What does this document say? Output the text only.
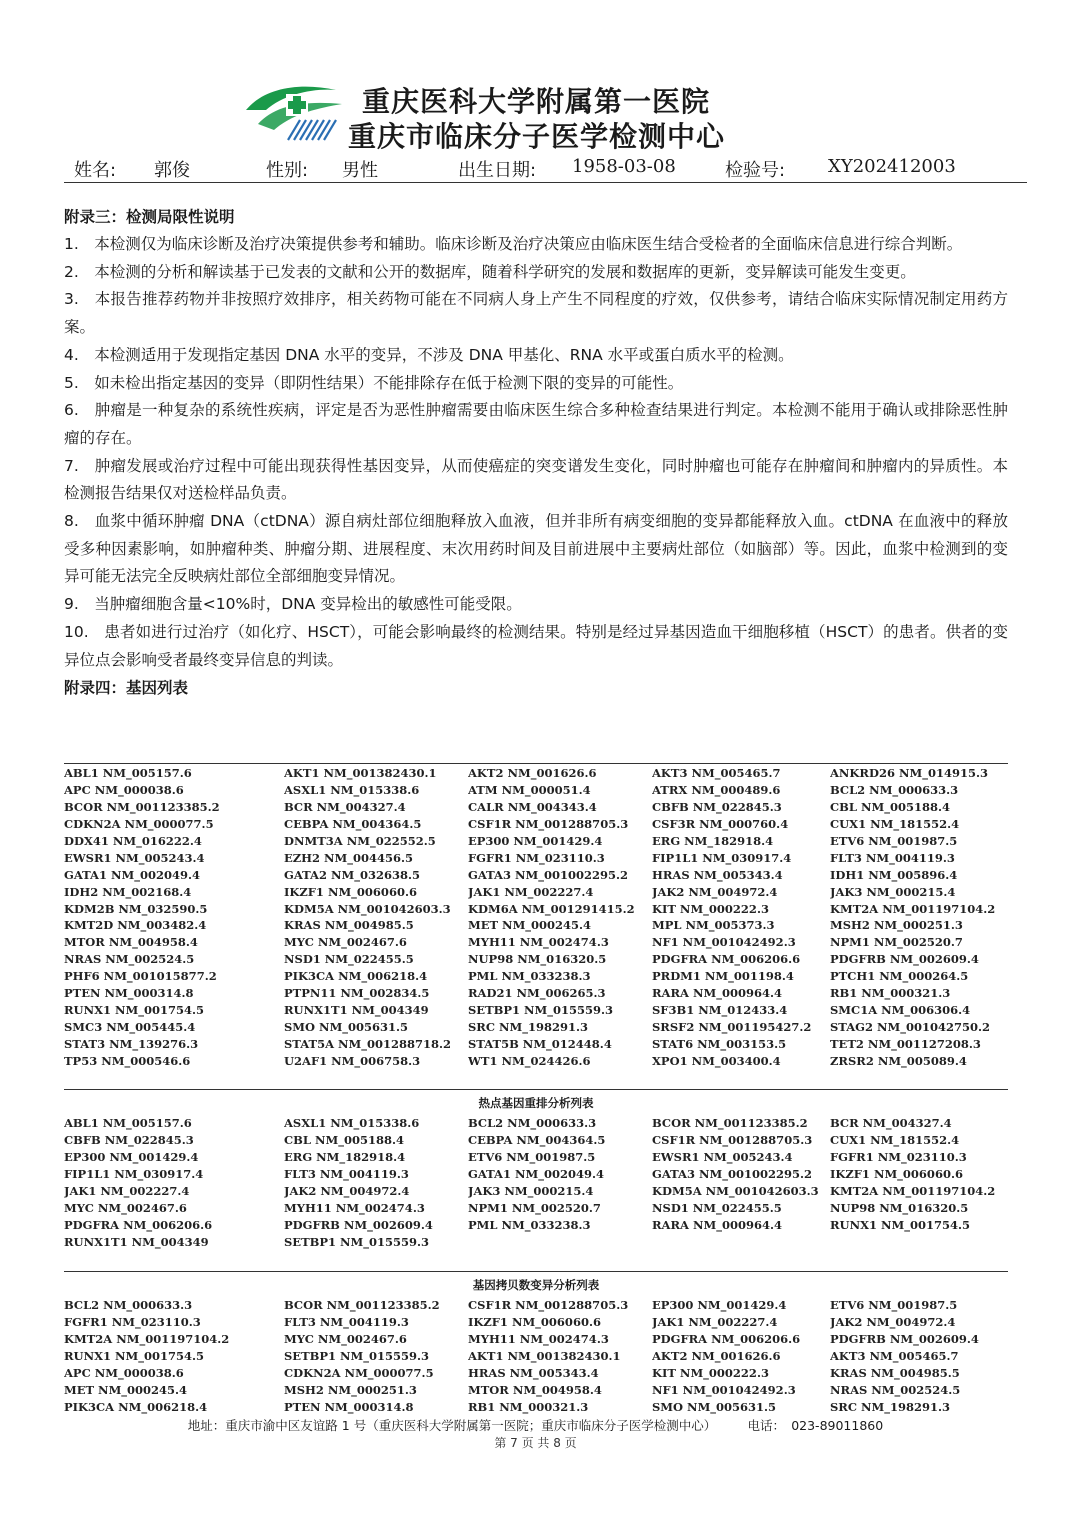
重庆医科大学附属第一医院
重庆市临床分子医学检测中心
姓名: 郭俊	性别: 男性	出生日期: 1958-03-08	检验号: XY202412003
附录三：检测局限性说明

1.　本检测仅为临床诊断及治疗决策提供参考和辅助。临床诊断及治疗决策应由临床医生结合受检者的全面临床信息进行综合判断。

2.　本检测的分析和解读基于已发表的文献和公开的数据库，随着科学研究的发展和数据库的更新，变异解读可能发生变更。

3.　本报告推荐药物并非按照疗效排序，相关药物可能在不同病人身上产生不同程度的疗效，仅供参考，请结合临床实际情况制定用药方案。

4.　本检测适用于发现指定基因 DNA 水平的变异，不涉及 DNA 甲基化、RNA 水平或蛋白质水平的检测。

5.　如未检出指定基因的变异（即阴性结果）不能排除存在低于检测下限的变异的可能性。

6.　肿瘤是一种复杂的系统性疾病，评定是否为恶性肿瘤需要由临床医生综合多种检查结果进行判定。本检测不能用于确认或排除恶性肿瘤的存在。

7.　肿瘤发展或治疗过程中可能出现获得性基因变异，从而使癌症的突变谱发生变化，同时肿瘤也可能存在肿瘤间和肿瘤内的异质性。本检测报告结果仅对送检样品负责。

8.　血浆中循环肿瘤 DNA（ctDNA）源自病灶部位细胞释放入血液，但并非所有病变细胞的变异都能释放入血。ctDNA 在血液中的释放受多种因素影响，如肿瘤种类、肿瘤分期、进展程度、末次用药时间及目前进展中主要病灶部位（如脑部）等。因此，血浆中检测到的变异可能无法完全反映病灶部位全部细胞变异情况。

9.　当肿瘤细胞含量<10%时，DNA 变异检出的敏感性可能受限。

10.　患者如进行过治疗（如化疗、HSCT），可能会影响最终的检测结果。特别是经过异基因造血干细胞移植（HSCT）的患者。供者的变异位点会影响受者最终变异信息的判读。

附录四：基因列表
ABL1 NM_005157.6	AKT1 NM_001382430.1	AKT2 NM_001626.6	AKT3 NM_005465.7	ANKRD26 NM_014915.3
APC NM_000038.6	ASXL1 NM_015338.6	ATM NM_000051.4	ATRX NM_000489.6	BCL2 NM_000633.3
BCOR NM_001123385.2	BCR NM_004327.4	CALR NM_004343.4	CBFB NM_022845.3	CBL NM_005188.4
CDKN2A NM_000077.5	CEBPA NM_004364.5	CSF1R NM_001288705.3	CSF3R NM_000760.4	CUX1 NM_181552.4
DDX41 NM_016222.4	DNMT3A NM_022552.5	EP300 NM_001429.4	ERG NM_182918.4	ETV6 NM_001987.5
EWSR1 NM_005243.4	EZH2 NM_004456.5	FGFR1 NM_023110.3	FIP1L1 NM_030917.4	FLT3 NM_004119.3
GATA1 NM_002049.4	GATA2 NM_032638.5	GATA3 NM_001002295.2	HRAS NM_005343.4	IDH1 NM_005896.4
IDH2 NM_002168.4	IKZF1 NM_006060.6	JAK1 NM_002227.4	JAK2 NM_004972.4	JAK3 NM_000215.4
KDM2B NM_032590.5	KDM5A NM_001042603.3	KDM6A NM_001291415.2	KIT NM_000222.3	KMT2A NM_001197104.2
KMT2D NM_003482.4	KRAS NM_004985.5	MET NM_000245.4	MPL NM_005373.3	MSH2 NM_000251.3
MTOR NM_004958.4	MYC NM_002467.6	MYH11 NM_002474.3	NF1 NM_001042492.3	NPM1 NM_002520.7
NRAS NM_002524.5	NSD1 NM_022455.5	NUP98 NM_016320.5	PDGFRA NM_006206.6	PDGFRB NM_002609.4
PHF6 NM_001015877.2	PIK3CA NM_006218.4	PML NM_033238.3	PRDM1 NM_001198.4	PTCH1 NM_000264.5
PTEN NM_000314.8	PTPN11 NM_002834.5	RAD21 NM_006265.3	RARA NM_000964.4	RB1 NM_000321.3
RUNX1 NM_001754.5	RUNX1T1 NM_004349	SETBP1 NM_015559.3	SF3B1 NM_012433.4	SMC1A NM_006306.4
SMC3 NM_005445.4	SMO NM_005631.5	SRC NM_198291.3	SRSF2 NM_001195427.2	STAG2 NM_001042750.2
STAT3 NM_139276.3	STAT5A NM_001288718.2	STAT5B NM_012448.4	STAT6 NM_003153.5	TET2 NM_001127208.3
TP53 NM_000546.6	U2AF1 NM_006758.3	WT1 NM_024426.6	XPO1 NM_003400.4	ZRSR2 NM_005089.4
热点基因重排分析列表
ABL1 NM_005157.6	ASXL1 NM_015338.6	BCL2 NM_000633.3	BCOR NM_001123385.2	BCR NM_004327.4
CBFB NM_022845.3	CBL NM_005188.4	CEBPA NM_004364.5	CSF1R NM_001288705.3	CUX1 NM_181552.4
EP300 NM_001429.4	ERG NM_182918.4	ETV6 NM_001987.5	EWSR1 NM_005243.4	FGFR1 NM_023110.3
FIP1L1 NM_030917.4	FLT3 NM_004119.3	GATA1 NM_002049.4	GATA3 NM_001002295.2	IKZF1 NM_006060.6
JAK1 NM_002227.4	JAK2 NM_004972.4	JAK3 NM_000215.4	KDM5A NM_001042603.3 KMT2A NM_001197104.2
MYC NM_002467.6	MYH11 NM_002474.3	NPM1 NM_002520.7	NSD1 NM_022455.5	NUP98 NM_016320.5
PDGFRA NM_006206.6	PDGFRB NM_002609.4	PML NM_033238.3	RARA NM_000964.4	RUNX1 NM_001754.5
RUNX1T1 NM_004349	SETBP1 NM_015559.3
基因拷贝数变异分析列表
BCL2 NM_000633.3	BCOR NM_001123385.2	CSF1R NM_001288705.3	EP300 NM_001429.4	ETV6 NM_001987.5
FGFR1 NM_023110.3	FLT3 NM_004119.3	IKZF1 NM_006060.6	JAK1 NM_002227.4	JAK2 NM_004972.4
KMT2A NM_001197104.2	MYC NM_002467.6	MYH11 NM_002474.3	PDGFRA NM_006206.6	PDGFRB NM_002609.4
RUNX1 NM_001754.5	SETBP1 NM_015559.3	AKT1 NM_001382430.1	AKT2 NM_001626.6	AKT3 NM_005465.7
APC NM_000038.6	CDKN2A NM_000077.5	HRAS NM_005343.4	KIT NM_000222.3	KRAS NM_004985.5
MET NM_000245.4	MSH2 NM_000251.3	MTOR NM_004958.4	NF1 NM_001042492.3	NRAS NM_002524.5
PIK3CA NM_006218.4	PTEN NM_000314.8	RB1 NM_000321.3	SMO NM_005631.5	SRC NM_198291.3
地址：重庆市渝中区友谊路 1 号（重庆医科大学附属第一医院；重庆市临床分子医学检测中心）　　　电话： 023-89011860
第 7 页 共 8 页
